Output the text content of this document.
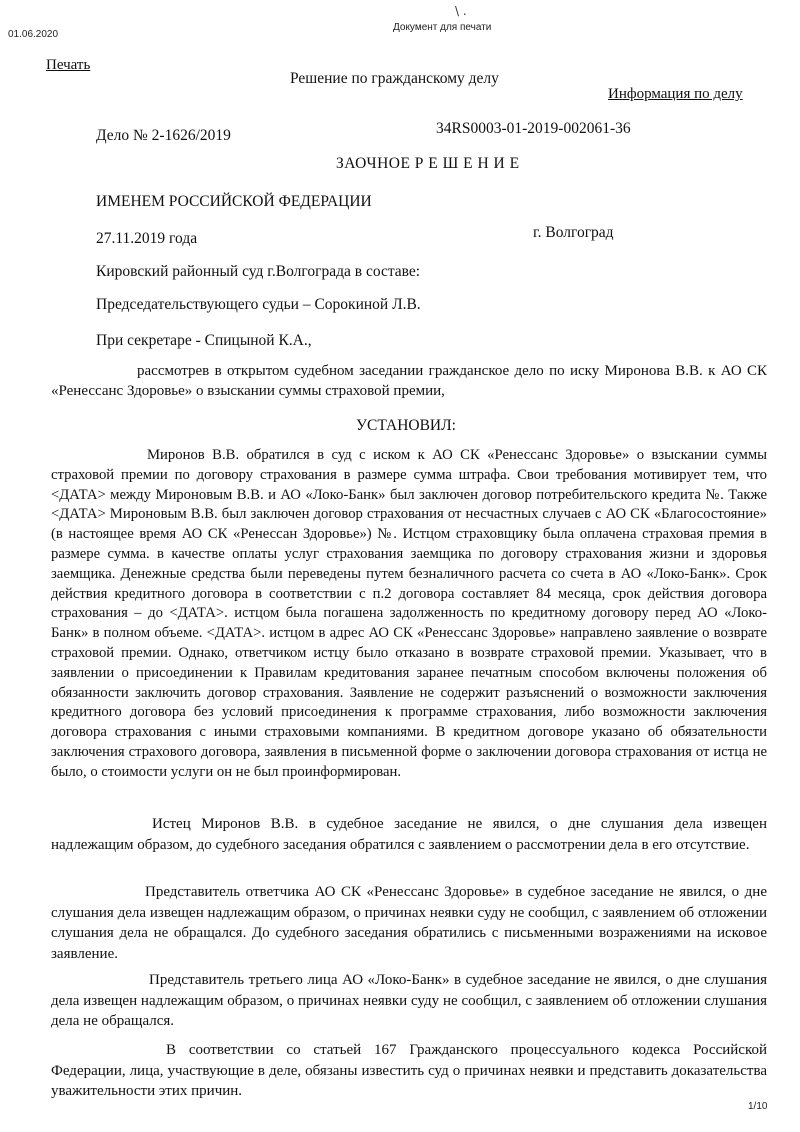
01.06.2020
Документ для печати
\ .
Печать
Информация по делу
Решение по гражданскому делу
Дело № 2-1626/2019	34RS0003-01-2019-002061-36
ЗАОЧНОЕ Р Е Ш Е Н И Е
ИМЕНЕМ РОССИЙСКОЙ ФЕДЕРАЦИИ
27.11.2019 года	г. Волгоград
Кировский районный суд г.Волгограда в составе:
Председательствующего судьи – Сорокиной Л.В.
При секретаре - Спицыной К.А.,
рассмотрев в открытом судебном заседании гражданское дело по иску Миронова В.В. к АО СК «Ренессанс Здоровье» о взыскании суммы страховой премии,
УСТАНОВИЛ:
Миронов В.В. обратился в суд с иском к АО СК «Ренессанс Здоровье» о взыскании суммы страховой премии по договору страхования в размере сумма штрафа. Свои требования мотивирует тем, что <ДАТА> между Мироновым В.В. и АО «Локо-Банк» был заключен договор потребительского кредита №. Также <ДАТА> Мироновым В.В. был заключен договор страхования от несчастных случаев с АО СК «Благосостояние» (в настоящее время АО СК «Ренессан Здоровье») №. Истцом страховщику была оплачена страховая премия в размере сумма. в качестве оплаты услуг страхования заемщика по договору страхования жизни и здоровья заемщика. Денежные средства были переведены путем безналичного расчета со счета в АО «Локо-Банк». Срок действия кредитного договора в соответствии с п.2 договора составляет 84 месяца, срок действия договора страхования – до <ДАТА>. истцом была погашена задолженность по кредитному договору перед АО «Локо-Банк» в полном объеме. <ДАТА>. истцом в адрес АО СК «Ренессанс Здоровье» направлено заявление о возврате страховой премии. Однако, ответчиком истцу было отказано в возврате страховой премии. Указывает, что в заявлении о присоединении к Правилам кредитования заранее печатным способом включены положения об обязанности заключить договор страхования. Заявление не содержит разъяснений о возможности заключения кредитного договора без условий присоединения к программе страхования, либо возможности заключения договора страхования с иными страховыми компаниями. В кредитном договоре указано об обязательности заключения страхового договора, заявления в письменной форме о заключении договора страхования от истца не было, о стоимости услуги он не был проинформирован.
Истец Миронов В.В. в судебное заседание не явился, о дне слушания дела извещен надлежащим образом, до судебного заседания обратился с заявлением о рассмотрении дела в его отсутствие.
Представитель ответчика АО СК «Ренессанс Здоровье» в судебное заседание не явился, о дне слушания дела извещен надлежащим образом, о причинах неявки суду не сообщил, с заявлением об отложении слушания дела не обращался. До судебного заседания обратились с письменными возражениями на исковое заявление.
Представитель третьего лица АО «Локо-Банк» в судебное заседание не явился, о дне слушания дела извещен надлежащим образом, о причинах неявки суду не сообщил, с заявлением об отложении слушания дела не обращался.
В соответствии со статьей 167 Гражданского процессуального кодекса Российской Федерации, лица, участвующие в деле, обязаны известить суд о причинах неявки и представить доказательства уважительности этих причин.
1/10
